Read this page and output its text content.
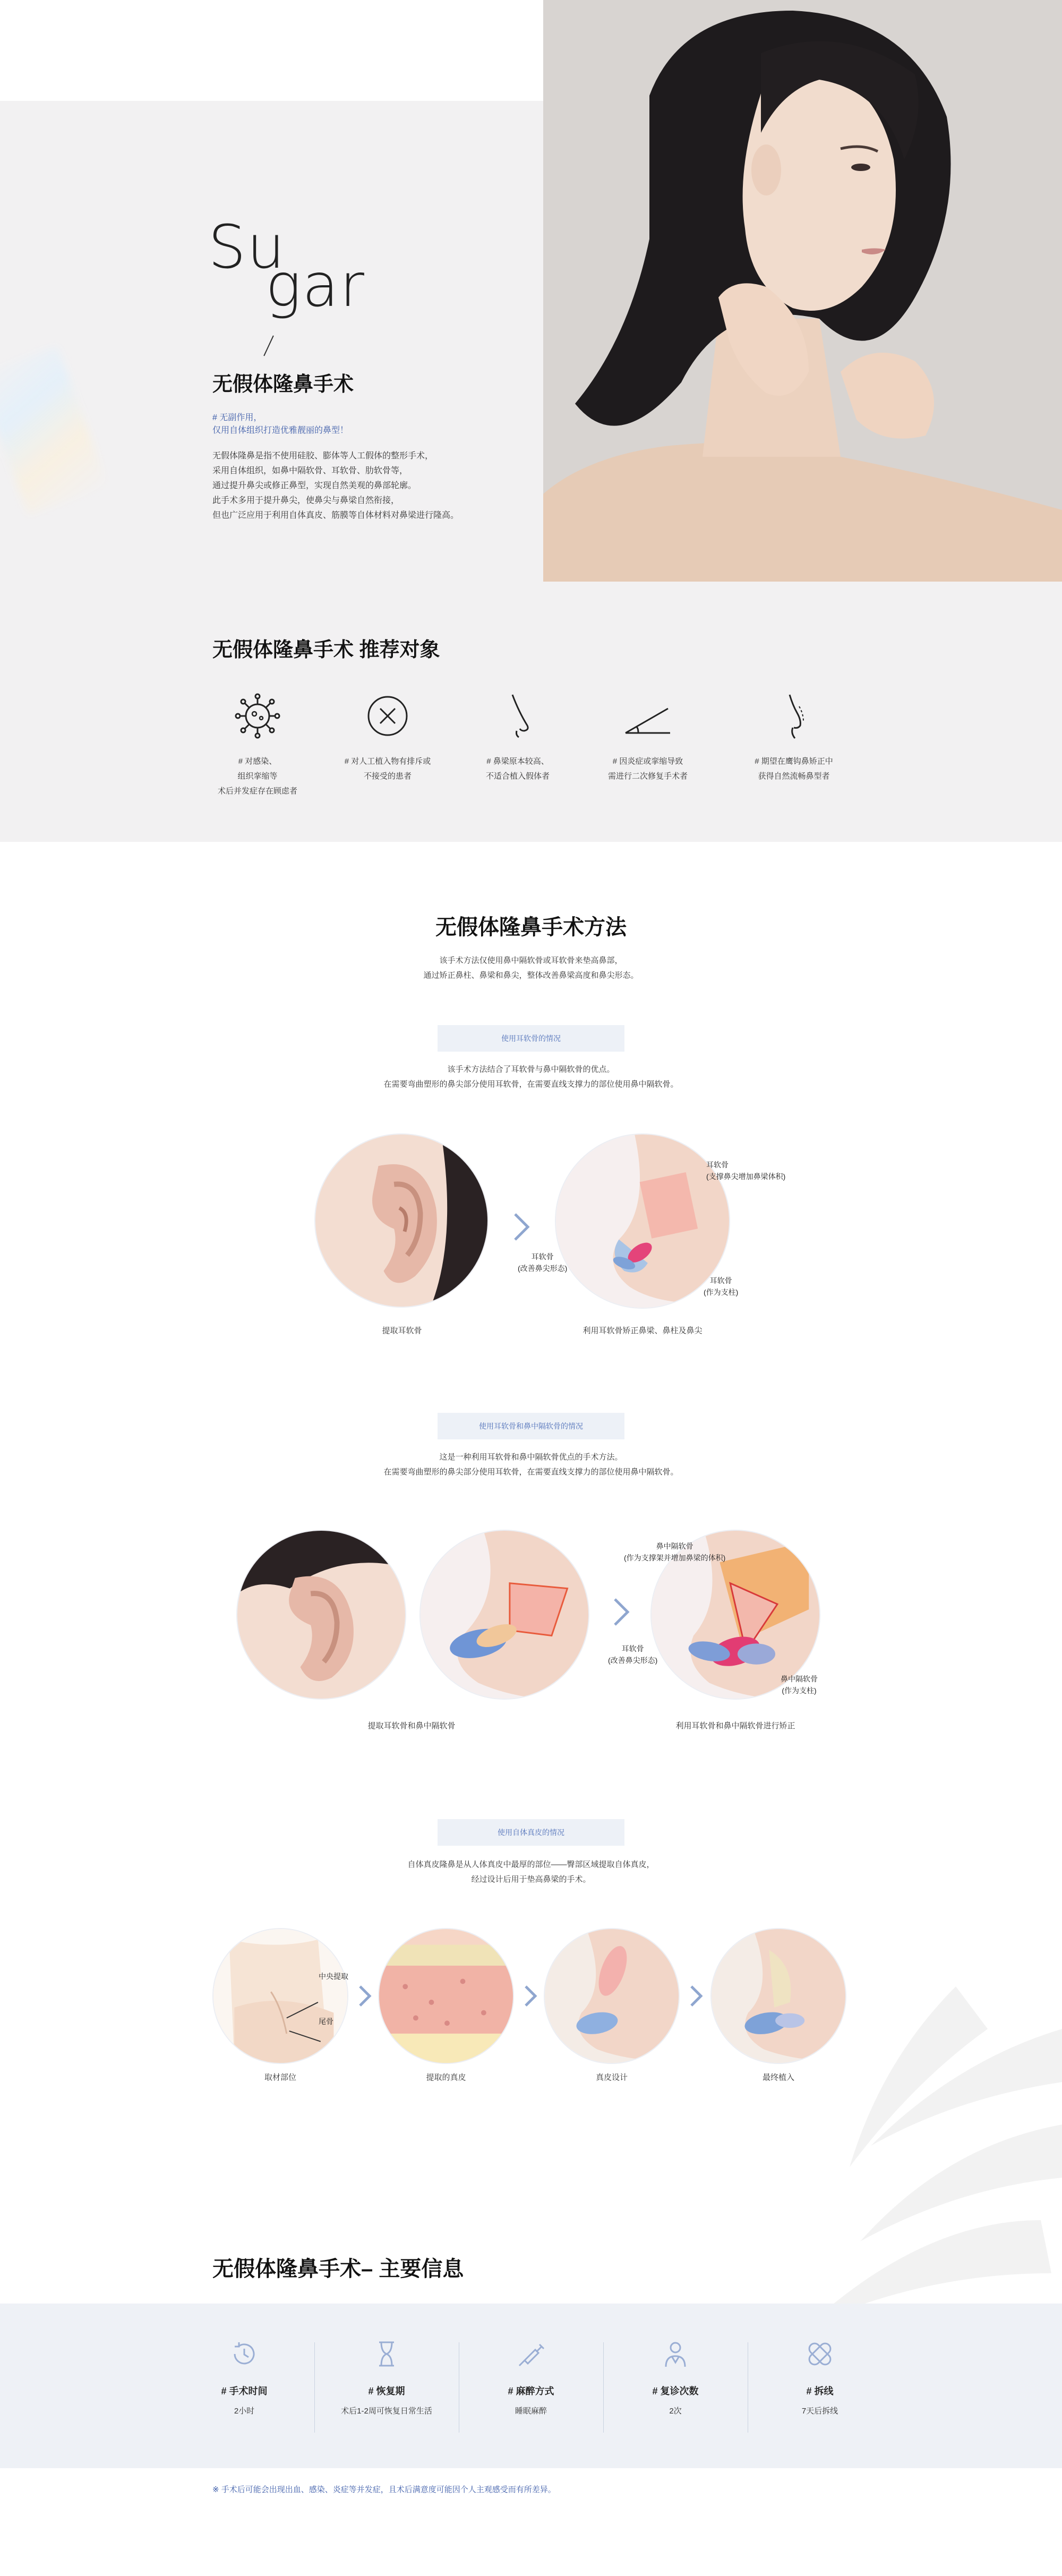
Su
gar
无假体隆鼻手术
# 无副作用，
仅用自体组织打造优雅靓丽的鼻型！
无假体隆鼻是指不使用硅胶、膨体等人工假体的整形手术，
采用自体组织，如鼻中隔软骨、耳软骨、肋软骨等，
通过提升鼻尖或修正鼻型，实现自然美观的鼻部轮廓。
此手术多用于提升鼻尖，使鼻尖与鼻梁自然衔接，
但也广泛应用于利用自体真皮、筋膜等自体材料对鼻梁进行隆高。
无假体隆鼻手术 推荐对象
# 对感染、
组织挛缩等
术后并发症存在顾虑者
# 对人工植入物有排斥或
不接受的患者
# 鼻梁原本较高、
不适合植入假体者
# 因炎症或挛缩导致
需进行二次修复手术者
# 期望在鹰钩鼻矫正中
获得自然流畅鼻型者
无假体隆鼻手术方法
该手术方法仅使用鼻中隔软骨或耳软骨来垫高鼻部，
通过矫正鼻柱、鼻梁和鼻尖，整体改善鼻梁高度和鼻尖形态。
使用耳软骨的情况
该手术方法结合了耳软骨与鼻中隔软骨的优点。
在需要弯曲塑形的鼻尖部分使用耳软骨，在需要直线支撑力的部位使用鼻中隔软骨。
耳软骨
(支撑鼻尖增加鼻梁体积)
耳软骨
(改善鼻尖形态)
耳软骨
(作为支柱)
提取耳软骨	利用耳软骨矫正鼻梁、鼻柱及鼻尖
使用耳软骨和鼻中隔软骨的情况
这是一种利用耳软骨和鼻中隔软骨优点的手术方法。
在需要弯曲塑形的鼻尖部分使用耳软骨，在需要直线支撑力的部位使用鼻中隔软骨。
鼻中隔软骨
(作为支撑架并增加鼻梁的体积)
耳软骨
(改善鼻尖形态)
鼻中隔软骨
(作为支柱)
提取耳软骨和鼻中隔软骨	利用耳软骨和鼻中隔软骨进行矫正
使用自体真皮的情况
自体真皮隆鼻是从人体真皮中最厚的部位——臀部区域提取自体真皮，
经过设计后用于垫高鼻梁的手术。
中央提取
尾骨
取材部位	提取的真皮	真皮设计	最终植入
无假体隆鼻手术– 主要信息
# 手术时间
2小时
# 恢复期
术后1-2周可恢复日常生活
# 麻醉方式
睡眠麻醉
# 复诊次数
2次
# 拆线
7天后拆线
※ 手术后可能会出现出血、感染、炎症等并发症，且术后满意度可能因个人主观感受而有所差异。
